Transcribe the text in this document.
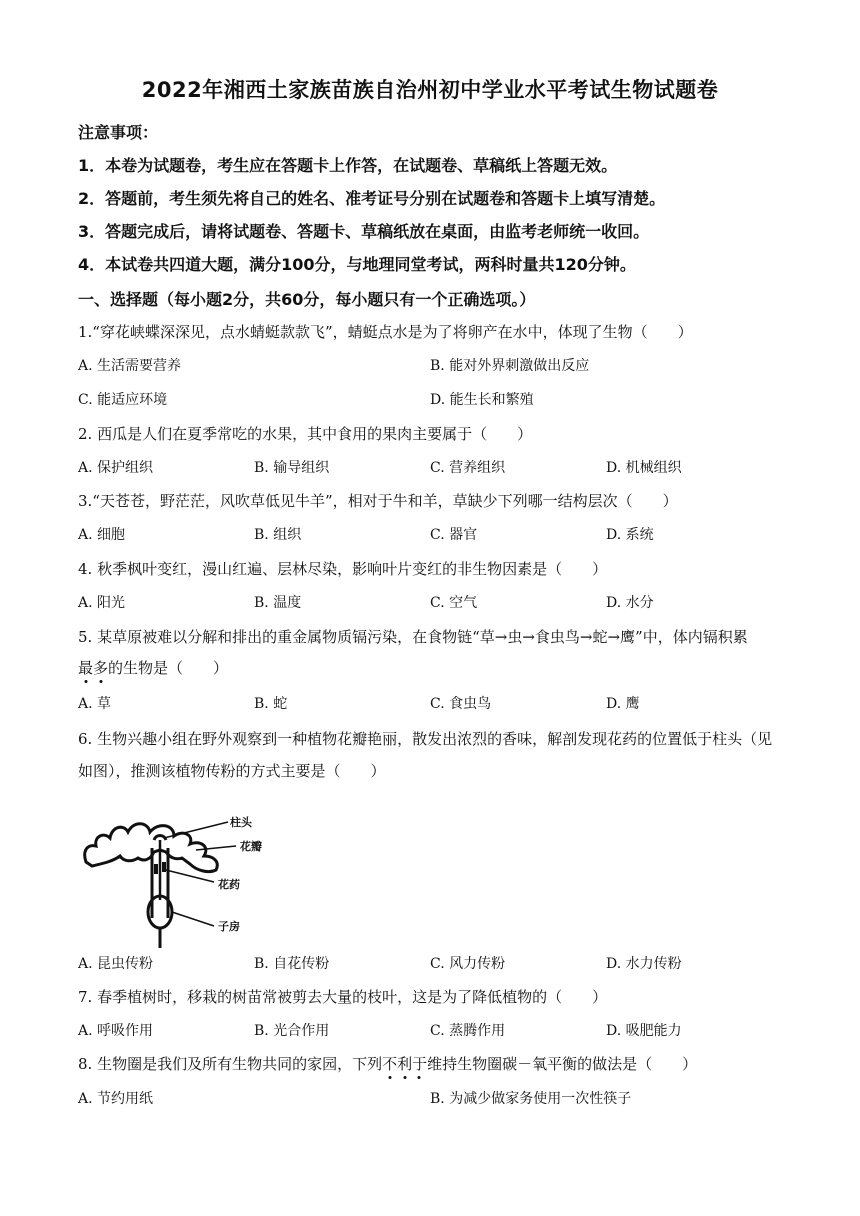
2022年湘西土家族苗族自治州初中学业水平考试生物试题卷
注意事项：
1．本卷为试题卷，考生应在答题卡上作答，在试题卷、草稿纸上答题无效。
2．答题前，考生须先将自己的姓名、准考证号分别在试题卷和答题卡上填写清楚。
3．答题完成后，请将试题卷、答题卡、草稿纸放在桌面，由监考老师统一收回。
4．本试卷共四道大题，满分100分，与地理同堂考试，两科时量共120分钟。
一、选择题（每小题2分，共60分，每小题只有一个正确选项。）
1.“穿花峡蝶深深见，点水蜻蜓款款飞”，蜻蜓点水是为了将卵产在水中，体现了生物（　　）
A. 生活需要营养	B. 能对外界刺激做出反应
C. 能适应环境	D. 能生长和繁殖
2. 西瓜是人们在夏季常吃的水果，其中食用的果肉主要属于（　　）
A. 保护组织	B. 输导组织	C. 营养组织	D. 机械组织
3.“天苍苍，野茫茫，风吹草低见牛羊”，相对于牛和羊，草缺少下列哪一结构层次（　　）
A. 细胞	B. 组织	C. 器官	D. 系统
4. 秋季枫叶变红，漫山红遍、层林尽染，影响叶片变红的非生物因素是（　　）
A. 阳光	B. 温度	C. 空气	D. 水分
5. 某草原被难以分解和排出的重金属物质镉污染，在食物链“草→虫→食虫鸟→蛇→鹰”中，体内镉积累
最多
的生物是（　　）
A. 草	B. 蛇	C. 食虫鸟	D. 鹰
6. 生物兴趣小组在野外观察到一种植物花瓣艳丽，散发出浓烈的香味，解剖发现花药的位置低于柱头（见
如图），推测该植物传粉的方式主要是（　　）
柱头
花瓣
花药
子房
A. 昆虫传粉	B. 自花传粉	C. 风力传粉	D. 水力传粉
7. 春季植树时，移栽的树苗常被剪去大量的枝叶，这是为了降低植物的（　　）
A. 呼吸作用	B. 光合作用	C. 蒸腾作用	D. 吸肥能力
8. 生物圈是我们及所有生物共同的家园，下列不利于
维持生物圈碳－氧平衡的做法是（　　）
A. 节约用纸	B. 为减少做家务使用一次性筷子
